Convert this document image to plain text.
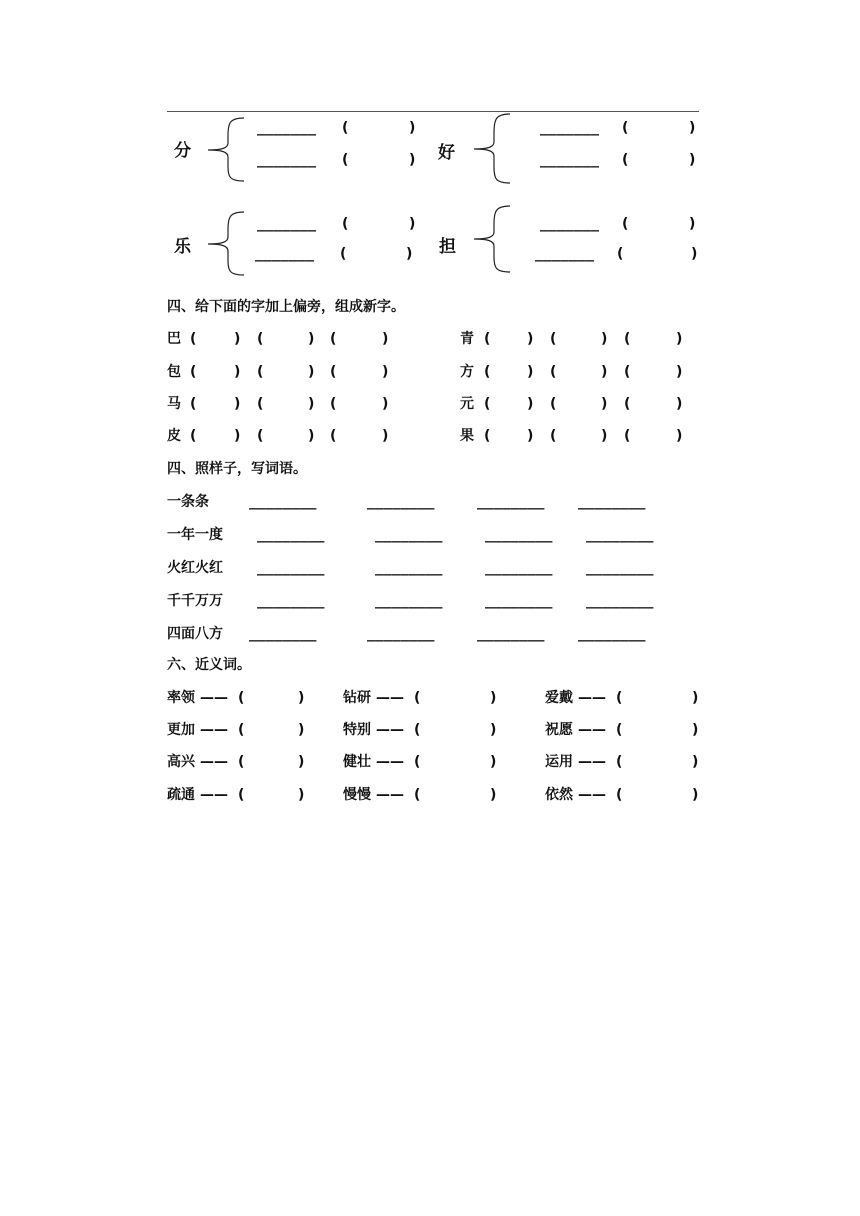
分
_______ (	)
_______ (	) 好
_______ (	)
_______ (	)
乐
_______ (	)
_______ (	) 担
_______ (	)
_______ (	)
四、给下面的字加上偏旁，组成新字。
巴 (	) (	) (	)	青 (	) (	) (	)
包 (	) (	) (	)	方 (	) (	) (	)
马 (	) (	) (	)	元 (	) (	) (	)
皮 (	) (	) (	)	果 (	) (	) (	)
四、照样子，写词语。
一条条	________	________	________ ________
一年一度 ________	________	________ ________
火红火红 ________	________	________ ________
千千万万 ________	________	________ ________
四面八方 ________	________	________ ________
六、近义词。
率领 —— (	)	钻研 —— (	)	爱戴 —— (	)
更加 —— (	)	特别 —— (	)	祝愿 —— (	)
高兴 —— (	)	健壮 —— (	)	运用 —— (	)
疏通 —— (	)	慢慢 —— (	)	依然 —— (	)
